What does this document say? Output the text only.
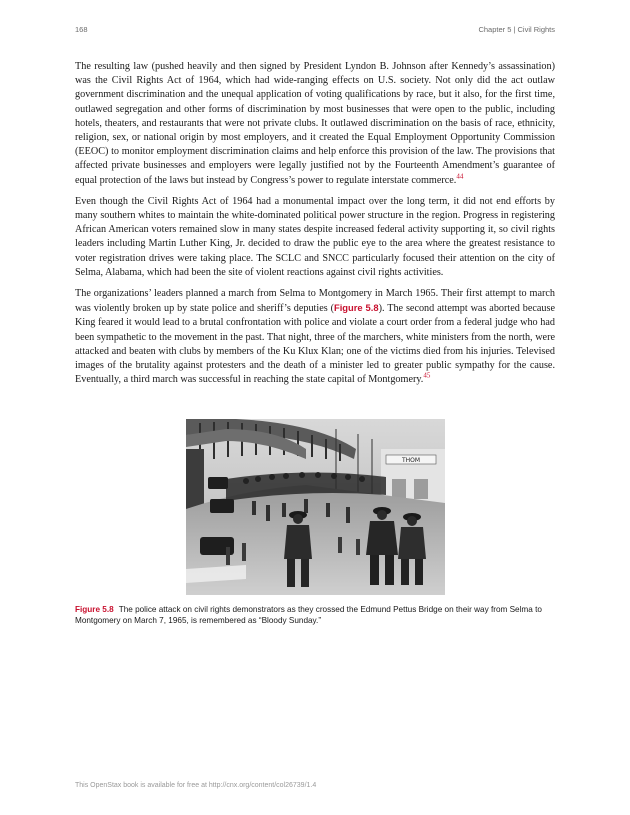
168	Chapter 5 | Civil Rights

The resulting law (pushed heavily and then signed by President Lyndon B. Johnson after Kennedy’s assassination) was the Civil Rights Act of 1964, which had wide-ranging effects on U.S. society. Not only did the act outlaw government discrimination and the unequal application of voting qualifications by race, but it also, for the first time, outlawed segregation and other forms of discrimination by most businesses that were open to the public, including hotels, theaters, and restaurants that were not private clubs. It outlawed discrimination on the basis of race, ethnicity, religion, sex, or national origin by most employers, and it created the Equal Employment Opportunity Commission (EEOC) to monitor employment discrimination claims and help enforce this provision of the law. The provisions that affected private businesses and employers were legally justified not by the Fourteenth Amendment’s guarantee of equal protection of the laws but instead by Congress’s power to regulate interstate commerce.$^{44}$

Even though the Civil Rights Act of 1964 had a monumental impact over the long term, it did not end efforts by many southern whites to maintain the white-dominated political power structure in the region. Progress in registering African American voters remained slow in many states despite increased federal activity supporting it, so civil rights leaders including Martin Luther King, Jr. decided to draw the public eye to the area where the greatest resistance to voter registration drives were taking place. The SCLC and SNCC particularly focused their attention on the city of Selma, Alabama, which had been the site of violent reactions against civil rights activities.

The organizations’ leaders planned a march from Selma to Montgomery in March 1965. Their first attempt to march was violently broken up by state police and sheriff’s deputies (Figure 5.8). The second attempt was aborted because King feared it would lead to a brutal confrontation with police and violate a court order from a federal judge who had been sympathetic to the movement in the past. That night, three of the marchers, white ministers from the north, were attacked and beaten with clubs by members of the Ku Klux Klan; one of the victims died from his injuries. Televised images of the brutality against protesters and the death of a minister led to greater public sympathy for the cause. Eventually, a third march was successful in reaching the state capital of Montgomery.$^{45}$

THOM
Figure 5.8 The police attack on civil rights demonstrators as they crossed the Edmund Pettus Bridge on their way from Selma to Montgomery on March 7, 1965, is remembered as “Bloody Sunday.”
This OpenStax book is available for free at http://cnx.org/content/col26739/1.4
